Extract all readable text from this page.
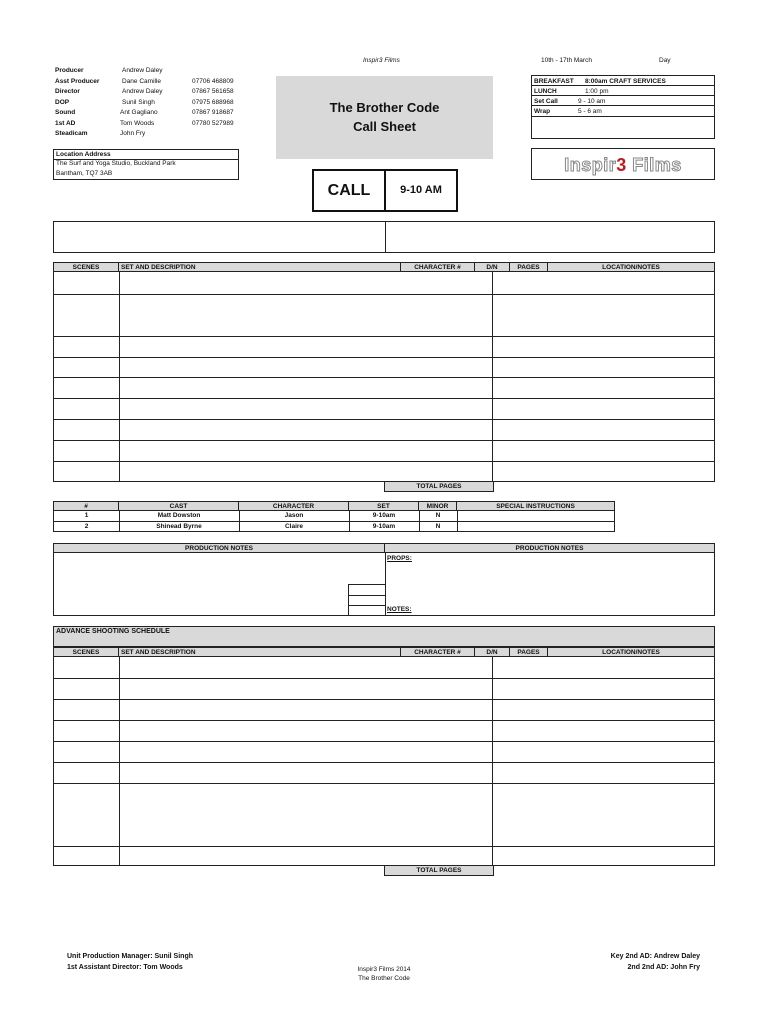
Inspir3 Films	10th - 17th March	Day
Producer	Andrew Daley
Asst Producer	Dane Camille	07706 468809
Director	Andrew Daley	07867 561658
DOP	Sunil Singh	07975 688968
Sound	Ant Gagliano	07867 918687
1st AD	Tom Woods	07780 527989
Steadicam	John Fry
The Brother Code
Call Sheet
BREAKFAST 8:00am CRAFT SERVICES
LUNCH	1:00 pm
Set Call	9 - 10 am
Wrap	5 - 6 am
Location Address
The Surf and Yoga Studio, Buckland Park
Bantham, TQ7 3AB	Inspir3 Films
CALL	9-10 AM
SCENES	SET AND DESCRIPTION	CHARACTER #	D/N	PAGES	LOCATION/NOTES
TOTAL PAGES
#	CAST	CHARACTER	SET	MINOR	SPECIAL INSTRUCTIONS
1	Matt Dowston	Jason	9-10am	N
2	Shinead Byrne	Claire	9-10am	N
PRODUCTION NOTES	PRODUCTION NOTES
PROPS:
NOTES:
ADVANCE SHOOTING SCHEDULE
SCENES	SET AND DESCRIPTION	CHARACTER #	D/N	PAGES	LOCATION/NOTES
TOTAL PAGES
Unit Production Manager: Sunil Singh
1st Assistant Director: Tom Woods	Inspir3 Films 2014
The Brother Code
Key 2nd AD: Andrew Daley
2nd 2nd AD: John Fry
